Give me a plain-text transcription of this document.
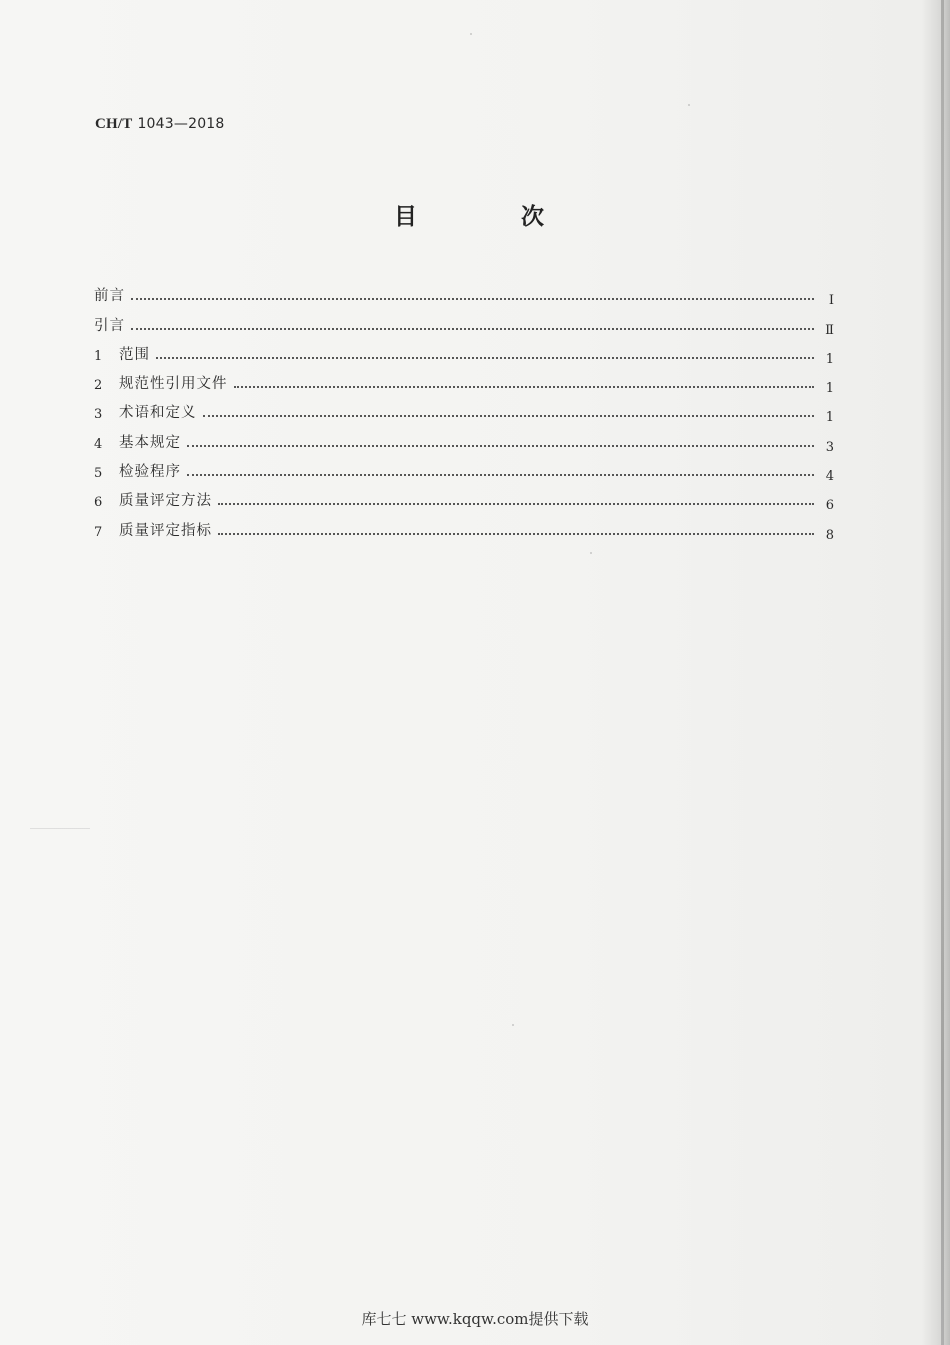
CH/T 1043—2018
目 次
前言	Ⅰ
引言	Ⅱ
1	范围	1
2	规范性引用文件	1
3	术语和定义	1
4	基本规定	3
5	检验程序	4
6	质量评定方法	6
7	质量评定指标	8
库七七 www.kqqw.com提供下载
